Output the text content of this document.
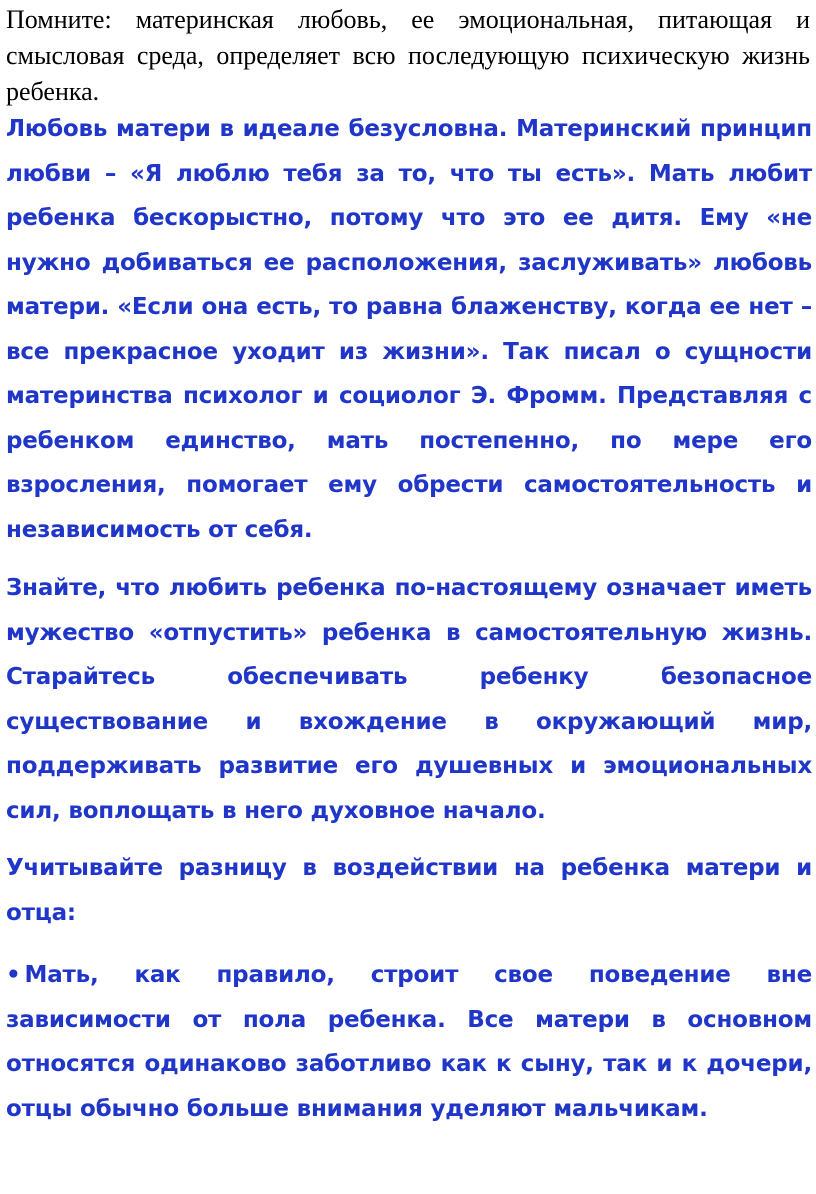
Помните: материнская любовь, ее эмоциональная, питающая и смысловая среда, определяет всю последующую психическую жизнь ребенка.

Любовь матери в идеале безусловна. Материнский принцип любви – «Я люблю тебя за то, что ты есть». Мать любит ребенка бескорыстно, потому что это ее дитя. Ему «не нужно добиваться ее расположения, заслуживать» любовь матери. «Если она есть, то равна блаженству, когда ее нет – все прекрасное уходит из жизни». Так писал о сущности материнства психолог и социолог Э. Фромм. Представляя с ребенком единство, мать постепенно, по мере его взросления, помогает ему обрести самостоятельность и независимость от себя.

Знайте, что любить ребенка по-настоящему означает иметь мужество «отпустить» ребенка в самостоятельную жизнь. Старайтесь обеспечивать ребенку безопасное существование и вхождение в окружающий мир, поддерживать развитие его душевных и эмоциональных сил, воплощать в него духовное начало.

Учитывайте разницу в воздействии на ребенка матери и отца:

• Мать, как правило, строит свое поведение вне зависимости от пола ребенка. Все матери в основном относятся одинаково заботливо как к сыну, так и к дочери, отцы обычно больше внимания уделяют мальчикам.
